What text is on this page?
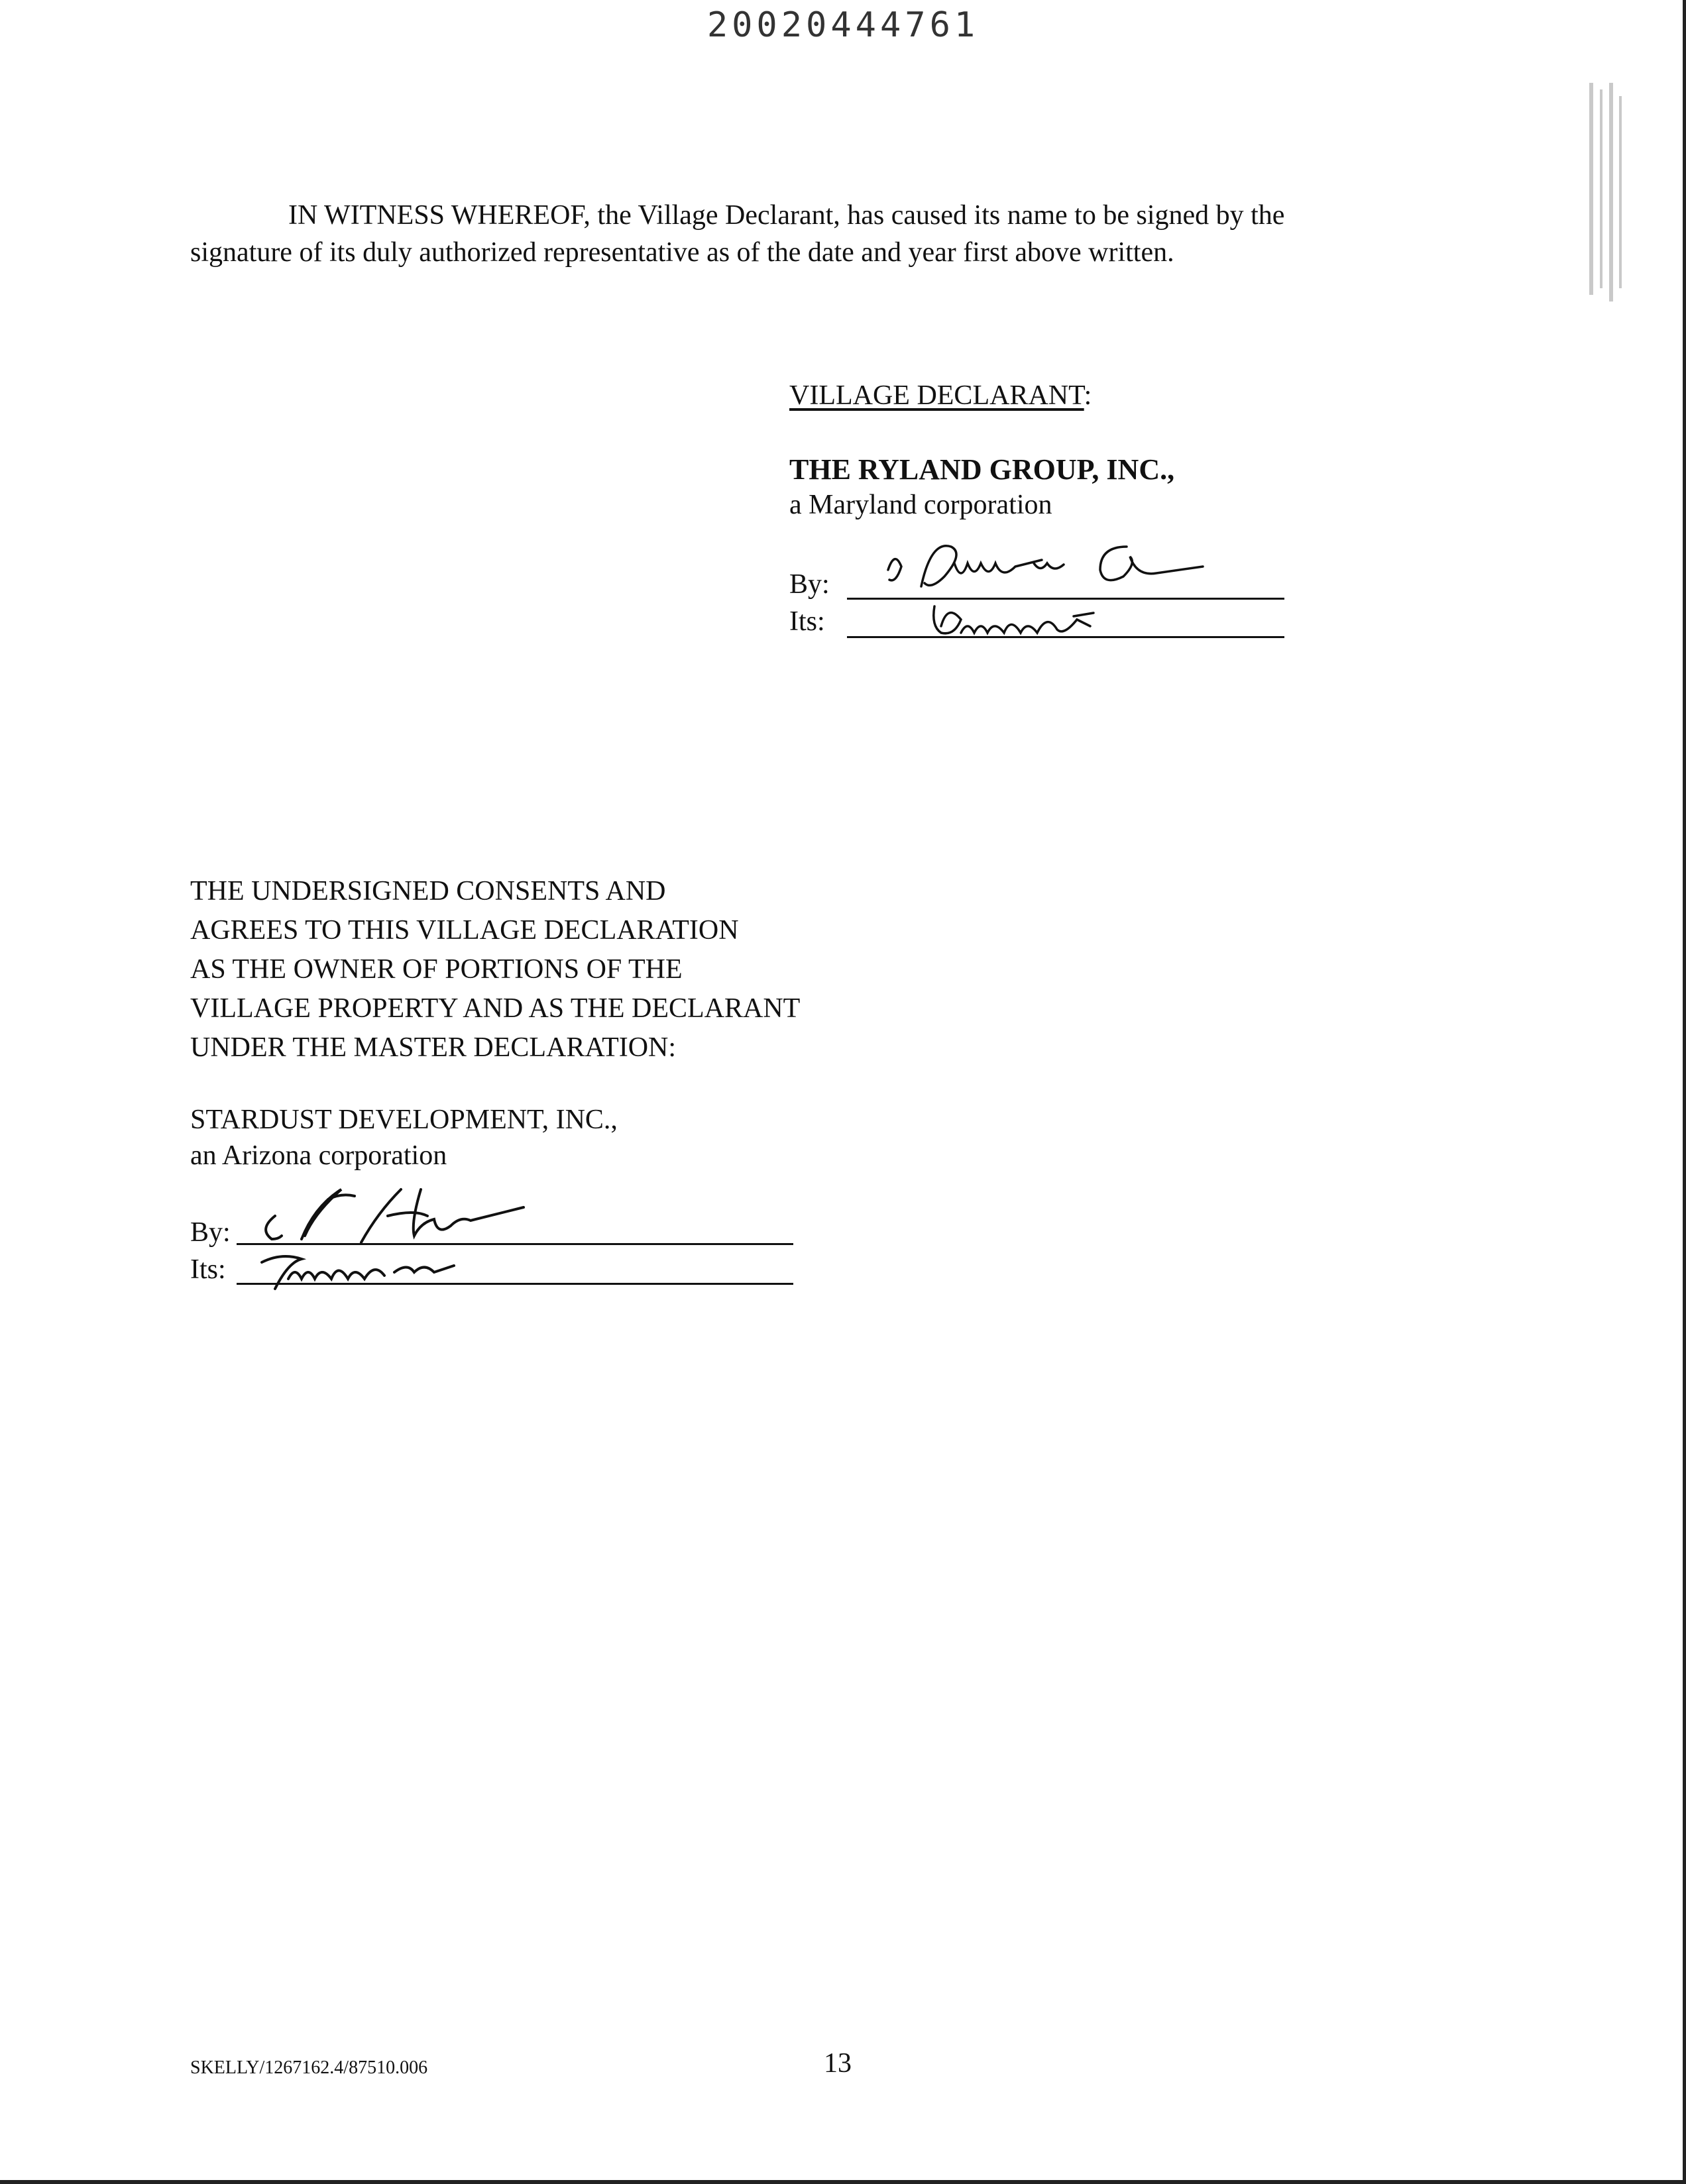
20020444761
IN WITNESS WHEREOF, the Village Declarant, has caused its name to be signed by the
signature of its duly authorized representative as of the date and year first above written.
VILLAGE DECLARANT:
THE RYLAND GROUP, INC.,
a Maryland corporation
By:
Its:
THE UNDERSIGNED CONSENTS AND
AGREES TO THIS VILLAGE DECLARATION
AS THE OWNER OF PORTIONS OF THE
VILLAGE PROPERTY AND AS THE DECLARANT
UNDER THE MASTER DECLARATION:
STARDUST DEVELOPMENT, INC.,
an Arizona corporation
By:
Its:
SKELLY/1267162.4/87510.006	13
